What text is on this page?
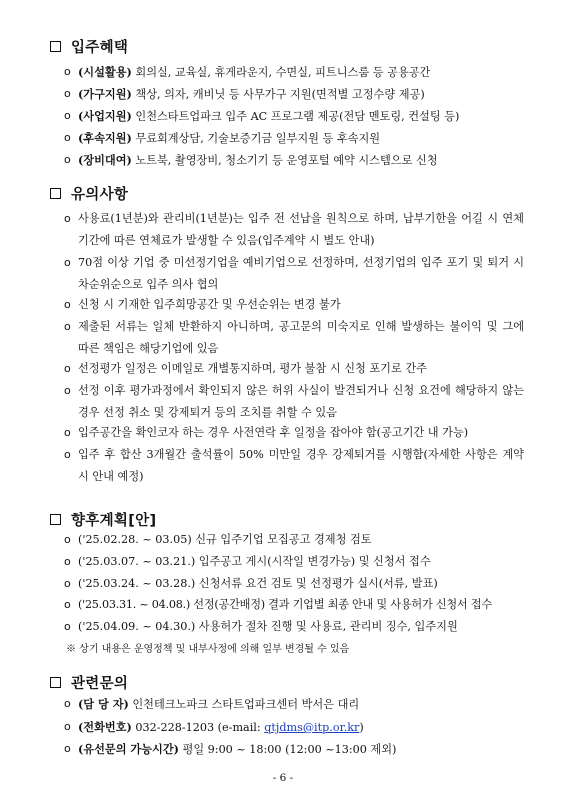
입주혜택
o (시설활용) 회의실, 교육실, 휴게라운지, 수면실, 피트니스룸 등 공용공간
o (가구지원) 책상, 의자, 캐비닛 등 사무가구 지원(면적별 고정수량 제공)
o (사업지원) 인천스타트업파크 입주 AC 프로그램 제공(전담 멘토링, 컨설팅 등)
o (후속지원) 무료회계상담, 기술보증기금 일부지원 등 후속지원
o (장비대여) 노트북, 촬영장비, 청소기기 등 운영포털 예약 시스템으로 신청
유의사항
o 사용료(1년분)와 관리비(1년분)는 입주 전 선납을 원칙으로 하며, 납부기한을 어길 시 연체기간에 따른 연체료가 발생할 수 있음(입주계약 시 별도 안내)
o 70점 이상 기업 중 미선정기업을 예비기업으로 선정하며, 선정기업의 입주 포기 및 퇴거 시 차순위순으로 입주 의사 협의
o 신청 시 기재한 입주희망공간 및 우선순위는 변경 불가
o 제출된 서류는 일체 반환하지 아니하며, 공고문의 미숙지로 인해 발생하는 불이익 및 그에 따른 책임은 해당기업에 있음
o 선정평가 일정은 이메일로 개별통지하며, 평가 불참 시 신청 포기로 간주
o 선정 이후 평가과정에서 확인되지 않은 허위 사실이 발견되거나 신청 요건에 해당하지 않는 경우 선정 취소 및 강제퇴거 등의 조치를 취할 수 있음
o 입주공간을 확인코자 하는 경우 사전연락 후 일정을 잡아야 함(공고기간 내 가능)
o 입주 후 합산 3개월간 출석률이 50% 미만일 경우 강제퇴거를 시행함(자세한 사항은 계약 시 안내 예정)
향후계획[안]
o ('25.02.28. ~ 03.05) 신규 입주기업 모집공고 경제청 검토
o ('25.03.07. ~ 03.21.) 입주공고 게시(시작일 변경가능) 및 신청서 접수
o ('25.03.24. ~ 03.28.) 신청서류 요건 검토 및 선정평가 실시(서류, 발표)
o ('25.03.31. ~ 04.08.) 선정(공간배정) 결과 기업별 최종 안내 및 사용허가 신청서 접수
o ('25.04.09. ~ 04.30.) 사용허가 절차 진행 및 사용료, 관리비 징수, 입주지원
※ 상기 내용은 운영정책 및 내부사정에 의해 일부 변경될 수 있음
관련문의
o (담 당 자) 인천테크노파크 스타트업파크센터 박서은 대리
o (전화번호) 032-228-1203 (e-mail: qtjdms@itp.or.kr)
o (유선문의 가능시간) 평일 9:00 ~ 18:00 (12:00 ~13:00 제외)
- 6 -
